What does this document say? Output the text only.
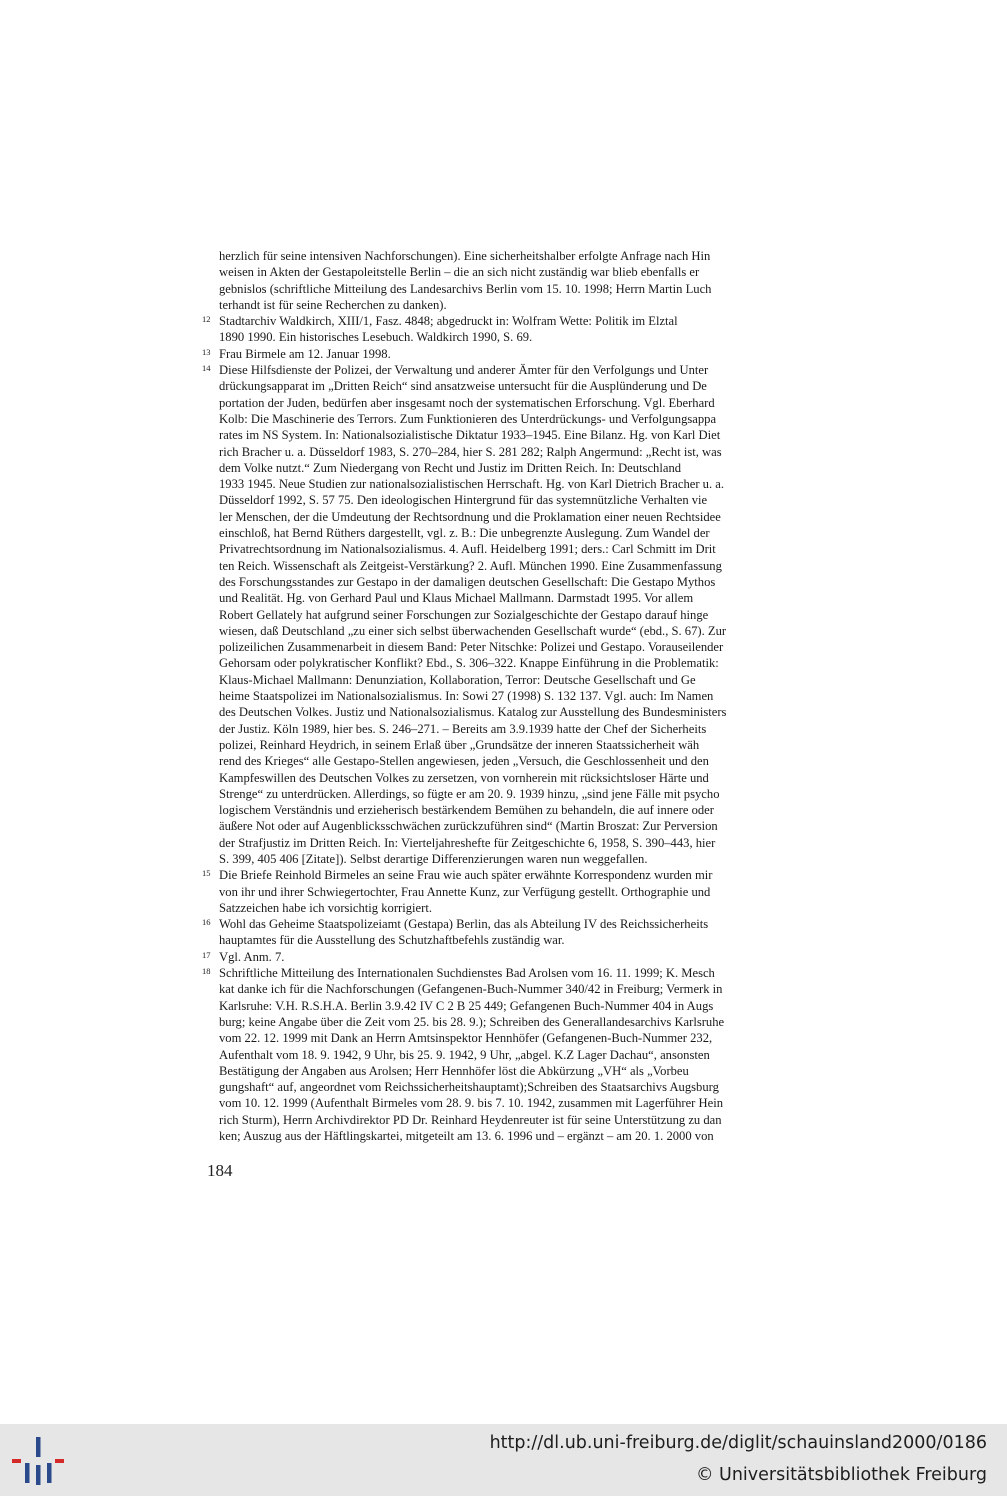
herzlich für seine intensiven Nachforschungen). Eine sicherheitshalber erfolgte Anfrage nach Hin
weisen in Akten der Gestapoleitstelle Berlin – die an sich nicht zuständig war blieb ebenfalls er
gebnislos (schriftliche Mitteilung des Landesarchivs Berlin vom 15. 10. 1998; Herrn Martin Luch
terhandt ist für seine Recherchen zu danken).
12 Stadtarchiv Waldkirch, XIII/1, Fasz. 4848; abgedruckt in: Wolfram Wette: Politik im Elztal
1890 1990. Ein historisches Lesebuch. Waldkirch 1990, S. 69.
13 Frau Birmele am 12. Januar 1998.
14 Diese Hilfsdienste der Polizei, der Verwaltung und anderer Ämter für den Verfolgungs und Unter
drückungsapparat im „Dritten Reich“ sind ansatzweise untersucht für die Ausplünderung und De
portation der Juden, bedürfen aber insgesamt noch der systematischen Erforschung. Vgl. Eberhard
Kolb: Die Maschinerie des Terrors. Zum Funktionieren des Unterdrückungs- und Verfolgungsappa
rates im NS System. In: Nationalsozialistische Diktatur 1933–1945. Eine Bilanz. Hg. von Karl Diet
rich Bracher u. a. Düsseldorf 1983, S. 270–284, hier S. 281 282; Ralph Angermund: „Recht ist, was
dem Volke nutzt.“ Zum Niedergang von Recht und Justiz im Dritten Reich. In: Deutschland
1933 1945. Neue Studien zur nationalsozialistischen Herrschaft. Hg. von Karl Dietrich Bracher u. a.
Düsseldorf 1992, S. 57 75. Den ideologischen Hintergrund für das systemnützliche Verhalten vie
ler Menschen, der die Umdeutung der Rechtsordnung und die Proklamation einer neuen Rechtsidee
einschloß, hat Bernd Rüthers dargestellt, vgl. z. B.: Die unbegrenzte Auslegung. Zum Wandel der
Privatrechtsordnung im Nationalsozialismus. 4. Aufl. Heidelberg 1991; ders.: Carl Schmitt im Drit
ten Reich. Wissenschaft als Zeitgeist-Verstärkung? 2. Aufl. München 1990. Eine Zusammenfassung
des Forschungsstandes zur Gestapo in der damaligen deutschen Gesellschaft: Die Gestapo Mythos
und Realität. Hg. von Gerhard Paul und Klaus Michael Mallmann. Darmstadt 1995. Vor allem
Robert Gellately hat aufgrund seiner Forschungen zur Sozialgeschichte der Gestapo darauf hinge
wiesen, daß Deutschland „zu einer sich selbst überwachenden Gesellschaft wurde“ (ebd., S. 67). Zur
polizeilichen Zusammenarbeit in diesem Band: Peter Nitschke: Polizei und Gestapo. Vorauseilender
Gehorsam oder polykratischer Konflikt? Ebd., S. 306–322. Knappe Einführung in die Problematik:
Klaus-Michael Mallmann: Denunziation, Kollaboration, Terror: Deutsche Gesellschaft und Ge
heime Staatspolizei im Nationalsozialismus. In: Sowi 27 (1998) S. 132 137. Vgl. auch: Im Namen
des Deutschen Volkes. Justiz und Nationalsozialismus. Katalog zur Ausstellung des Bundesministers
der Justiz. Köln 1989, hier bes. S. 246–271. – Bereits am 3.9.1939 hatte der Chef der Sicherheits
polizei, Reinhard Heydrich, in seinem Erlaß über „Grundsätze der inneren Staatssicherheit wäh
rend des Krieges“ alle Gestapo-Stellen angewiesen, jeden „Versuch, die Geschlossenheit und den
Kampfeswillen des Deutschen Volkes zu zersetzen, von vornherein mit rücksichtsloser Härte und
Strenge“ zu unterdrücken. Allerdings, so fügte er am 20. 9. 1939 hinzu, „sind jene Fälle mit psycho
logischem Verständnis und erzieherisch bestärkendem Bemühen zu behandeln, die auf innere oder
äußere Not oder auf Augenblicksschwächen zurückzuführen sind“ (Martin Broszat: Zur Perversion
der Strafjustiz im Dritten Reich. In: Vierteljahreshefte für Zeitgeschichte 6, 1958, S. 390–443, hier
S. 399, 405 406 [Zitate]). Selbst derartige Differenzierungen waren nun weggefallen.
15 Die Briefe Reinhold Birmeles an seine Frau wie auch später erwähnte Korrespondenz wurden mir
von ihr und ihrer Schwiegertochter, Frau Annette Kunz, zur Verfügung gestellt. Orthographie und
Satzzeichen habe ich vorsichtig korrigiert.
16 Wohl das Geheime Staatspolizeiamt (Gestapa) Berlin, das als Abteilung IV des Reichssicherheits
hauptamtes für die Ausstellung des Schutzhaftbefehls zuständig war.
17 Vgl. Anm. 7.
18 Schriftliche Mitteilung des Internationalen Suchdienstes Bad Arolsen vom 16. 11. 1999; K. Mesch
kat danke ich für die Nachforschungen (Gefangenen-Buch-Nummer 340/42 in Freiburg; Vermerk in
Karlsruhe: V.H. R.S.H.A. Berlin 3.9.42 IV C 2 B 25 449; Gefangenen Buch-Nummer 404 in Augs
burg; keine Angabe über die Zeit vom 25. bis 28. 9.); Schreiben des Generallandesarchivs Karlsruhe
vom 22. 12. 1999 mit Dank an Herrn Amtsinspektor Hennhöfer (Gefangenen-Buch-Nummer 232,
Aufenthalt vom 18. 9. 1942, 9 Uhr, bis 25. 9. 1942, 9 Uhr, „abgel. K.Z Lager Dachau“, ansonsten
Bestätigung der Angaben aus Arolsen; Herr Hennhöfer löst die Abkürzung „VH“ als „Vorbeu
gungshaft“ auf, angeordnet vom Reichssicherheitshauptamt);Schreiben des Staatsarchivs Augsburg
vom 10. 12. 1999 (Aufenthalt Birmeles vom 28. 9. bis 7. 10. 1942, zusammen mit Lagerführer Hein
rich Sturm), Herrn Archivdirektor PD Dr. Reinhard Heydenreuter ist für seine Unterstützung zu dan
ken; Auszug aus der Häftlingskartei, mitgeteilt am 13. 6. 1996 und – ergänzt – am 20. 1. 2000 von
184
http://dl.ub.uni-freiburg.de/diglit/schauinsland2000/0186
© Universitätsbibliothek Freiburg
